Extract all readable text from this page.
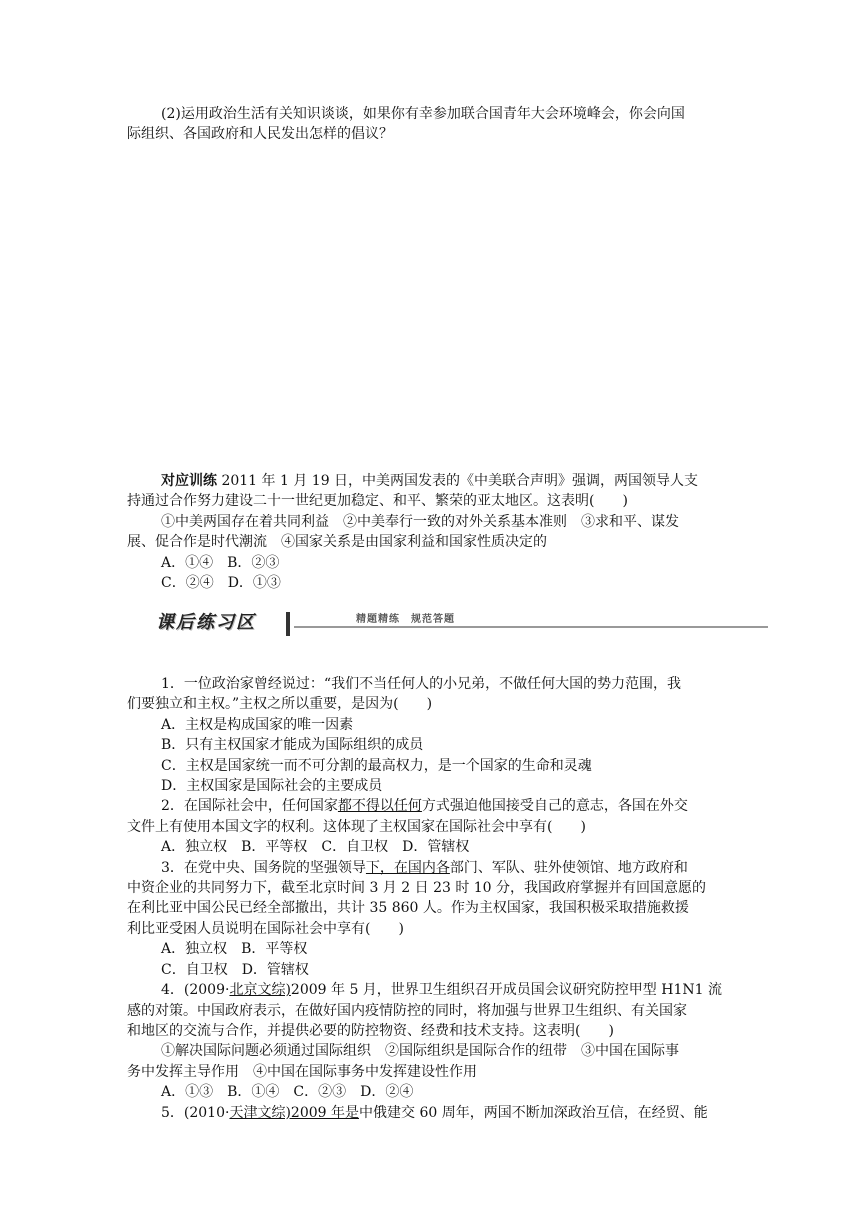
(2)运用政治生活有关知识谈谈，如果你有幸参加联合国青年大会环境峰会，你会向国

际组织、各国政府和人民发出怎样的倡议？

对应训练 2011 年 1 月 19 日，中美两国发表的《中美联合声明》强调，两国领导人支

持通过合作努力建设二十一世纪更加稳定、和平、繁荣的亚太地区。这表明(　　)

①中美两国存在着共同利益　②中美奉行一致的对外关系基本准则　③求和平、谋发

展、促合作是时代潮流　④国家关系是由国家利益和国家性质决定的

A．①④　B．②③

C．②④　D．①③

课后练习区	精题精练　规范答题

1．一位政治家曾经说过：“我们不当任何人的小兄弟，不做任何大国的势力范围，我

们要独立和主权。”主权之所以重要，是因为(　　)

A．主权是构成国家的唯一因素

B．只有主权国家才能成为国际组织的成员

C．主权是国家统一而不可分割的最高权力，是一个国家的生命和灵魂

D．主权国家是国际社会的主要成员

2．在国际社会中，任何国家都不得以任何方式强迫他国接受自己的意志，各国在外交

文件上有使用本国文字的权利。这体现了主权国家在国际社会中享有(　　)

A．独立权　B．平等权　C．自卫权　D．管辖权

3．在党中央、国务院的坚强领导下，在国内各部门、军队、驻外使领馆、地方政府和

中资企业的共同努力下，截至北京时间 3 月 2 日 23 时 10 分，我国政府掌握并有回国意愿的

在利比亚中国公民已经全部撤出，共计 35 860 人。作为主权国家，我国积极采取措施救援

利比亚受困人员说明在国际社会中享有(　　)

A．独立权　B．平等权

C．自卫权　D．管辖权

4．(2009·北京文综)2009 年 5 月，世界卫生组织召开成员国会议研究防控甲型 H1N1 流

感的对策。中国政府表示，在做好国内疫情防控的同时，将加强与世界卫生组织、有关国家

和地区的交流与合作，并提供必要的防控物资、经费和技术支持。这表明(　　)

①解决国际问题必须通过国际组织　②国际组织是国际合作的纽带　③中国在国际事

务中发挥主导作用　④中国在国际事务中发挥建设性作用

A．①③　B．①④　C．②③　D．②④

5．(2010·天津文综)2009 年是中俄建交 60 周年，两国不断加深政治互信，在经贸、能
